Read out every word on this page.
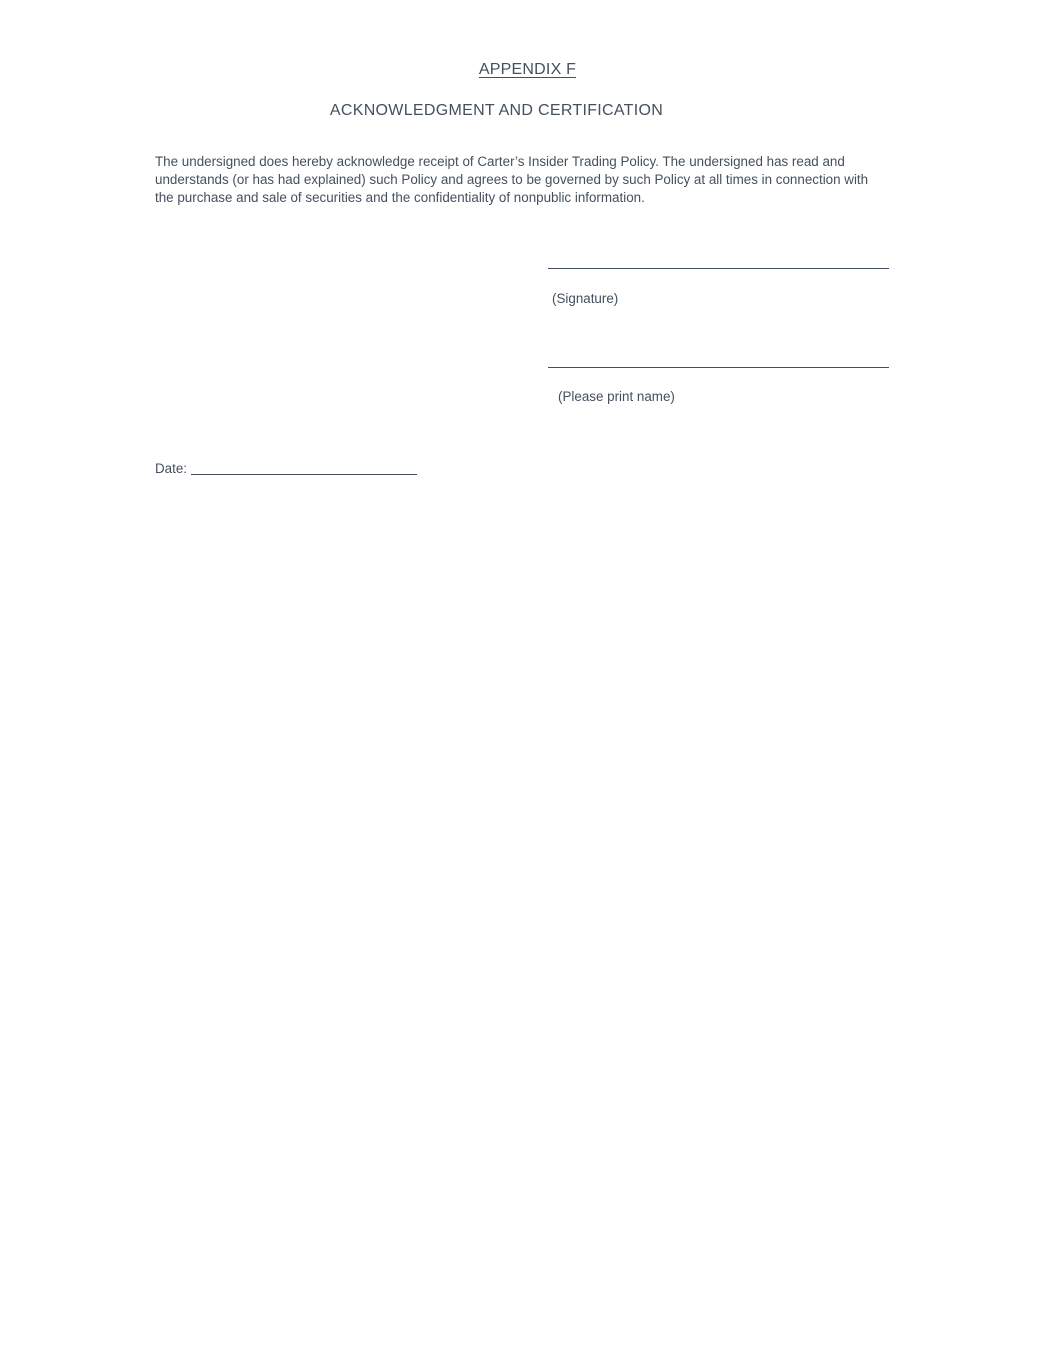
APPENDIX F
ACKNOWLEDGMENT AND CERTIFICATION
The undersigned does hereby acknowledge receipt of Carter’s Insider Trading Policy. The undersigned has read and understands (or has had explained) such Policy and agrees to be governed by such Policy at all times in connection with the purchase and sale of securities and the confidentiality of nonpublic information.
(Signature)
(Please print name)
Date:
